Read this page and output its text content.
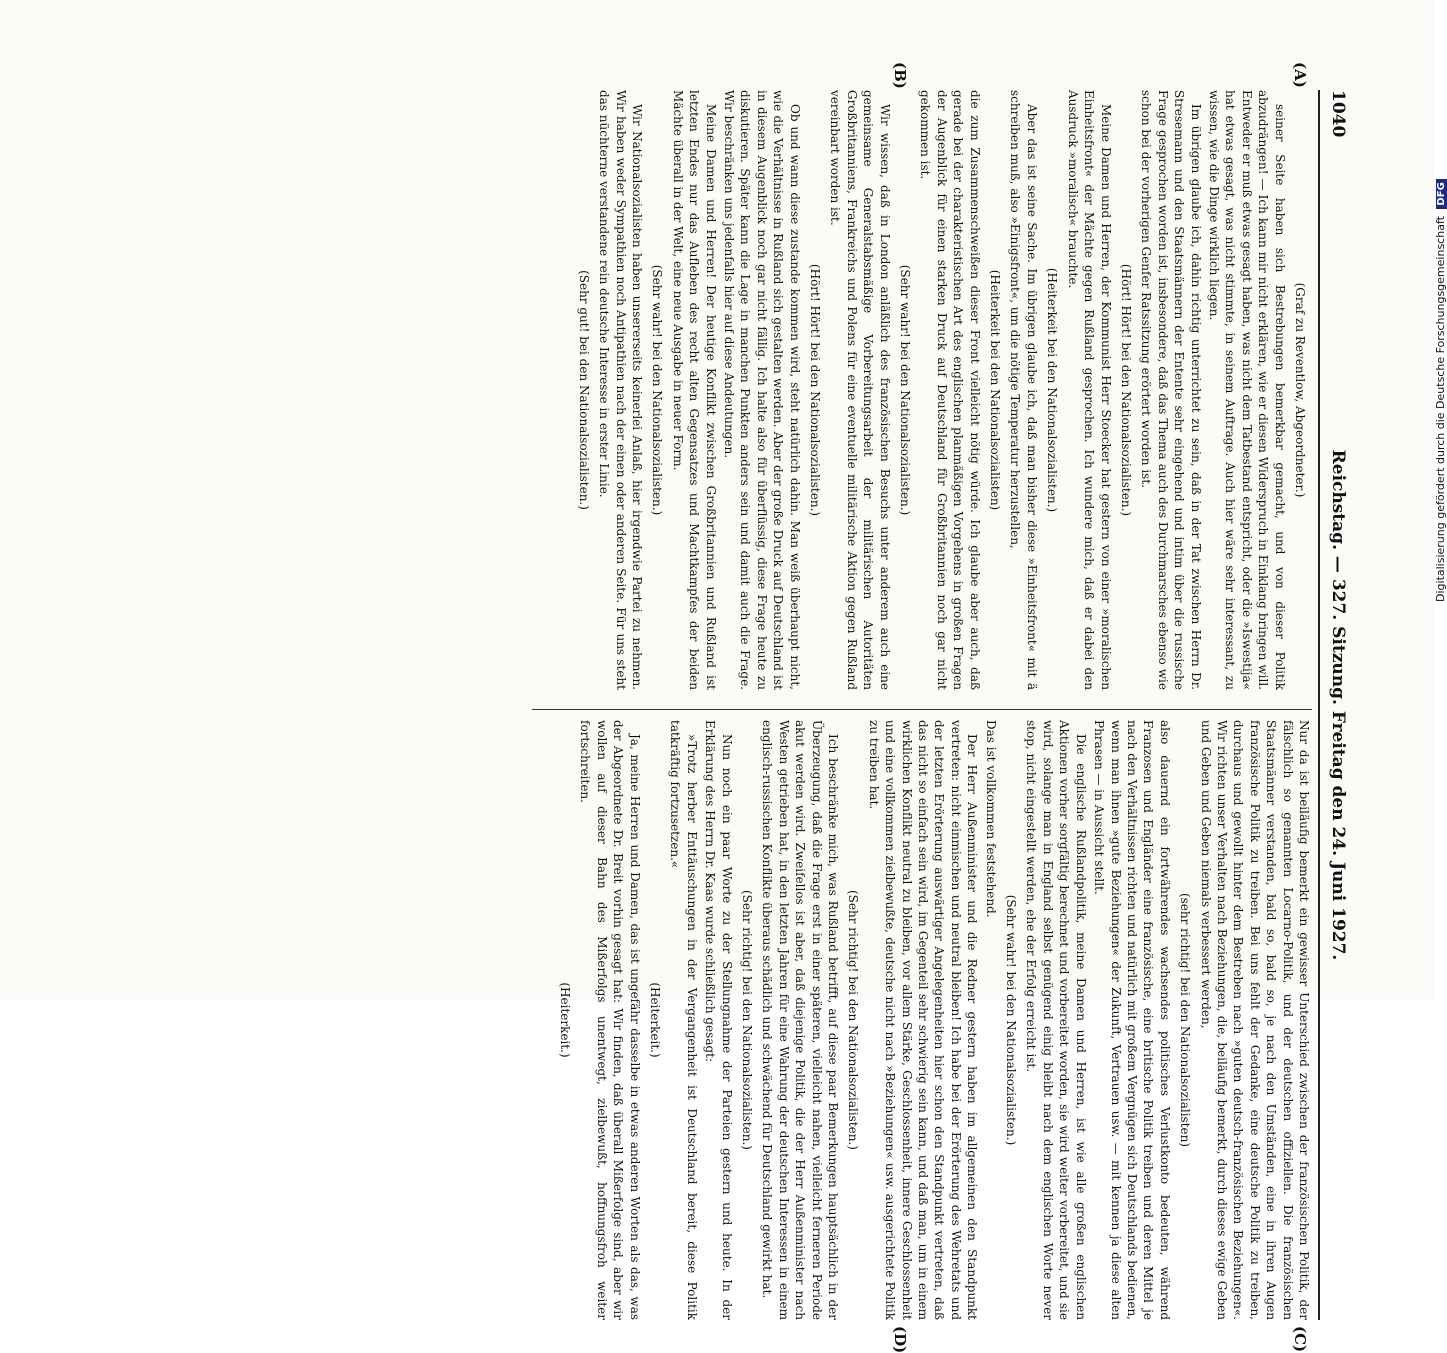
1040
Reichstag. — 327. Sitzung. Freitag den 24. Juni 1927.
(A)
(B)
(C)
(D)

(Graf zu Reventlow, Abgeordneter.)

seiner Seite haben sich Bestrebungen bemerkbar gemacht, und von dieser Politik abzudrängen! — Ich kann mir nicht erklären, wie er diesen Widerspruch in Einklang bringen will. Entweder er muß etwas gesagt haben, was nicht dem Tatbestand entspricht, oder die »Iswestija« hat etwas gesagt, was nicht stimmte, in seinem Auftrage. Auch hier wäre sehr interessant, zu wissen, wie die Dinge wirklich liegen.

Im übrigen glaube ich, dahin richtig unterrichtet zu sein, daß in der Tat zwischen Herrn Dr. Stresemann und den Staatsmännern der Entente sehr eingehend und intim über die russische Frage gesprochen worden ist, insbesondere, daß das Thema auch des Durchmarsches ebenso wie schon bei der vorherigen Genfer Ratssitzung erörtert worden ist.

(Hört! Hört! bei den Nationalsozialisten.)

Meine Damen und Herren, der Kommunist Herr Stoecker hat gestern von einer »moralischen Einheitsfront« der Mächte gegen Rußland gesprochen. Ich wundere mich, daß er dabei den Ausdruck »moralisch« brauchte.

(Heiterkeit bei den Nationalsozialisten.)

Aber das ist seine Sache. Im übrigen glaube ich, daß man bisher diese »Einheitsfront« mit ä schreiben muß, also »Einigsfront«, um die nötige Temperatur herzustellen,

(Heiterkeit bei den Nationalsozialisten)

die zum Zusammenschweißen dieser Front vielleicht nötig würde. Ich glaube aber auch, daß gerade bei der charakteristischen Art des englischen planmäßigen Vorgehens in großen Fragen der Augenblick für einen starken Druck auf Deutschland für Großbritannien noch gar nicht gekommen ist.

(Sehr wahr! bei den Nationalsozialisten.)

Wir wissen, daß in London anläßlich des französischen Besuchs unter anderem auch eine gemeinsame Generalstabsmäßige Vorbereitungsarbeit der militärischen Autoritäten Großbritanniens, Frankreichs und Polens für eine eventuelle militärische Aktion gegen Rußland vereinbart worden ist.

(Hört! Hört! bei den Nationalsozialisten.)

Ob und wann diese zustande kommen wird, steht natürlich dahin. Man weiß überhaupt nicht, wie die Verhältnisse in Rußland sich gestalten werden. Aber der große Druck auf Deutschland ist in diesem Augenblick noch gar nicht fällig. Ich halte also für überflüssig, diese Frage heute zu diskutieren. Später kann die Lage in manchen Punkten anders sein und damit auch die Frage. Wir beschränken uns jedenfalls hier auf diese Andeutungen.

Meine Damen und Herren! Der heutige Konflikt zwischen Großbritannien und Rußland ist letzten Endes nur das Aufleben des recht alten Gegensatzes und Machtkampfes der beiden Mächte überall in der Welt, eine neue Ausgabe in neuer Form.

(Sehr wahr! bei den Nationalsozialisten.)

Wir Nationalsozialisten haben unsererseits keinerlei Anlaß, hier irgendwie Partei zu nehmen. Wir haben weder Sympathien noch Antipathien nach der einen oder anderen Seite. Für uns steht das nüchterne verstandene rein deutsche Interesse in erster Linie.

(Sehr gut! bei den Nationalsozialisten.)

Nur da ist beiläufig bemerkt ein gewisser Unterschied zwischen der französischen Politik, der fälschlich so genannten Locarno-Politik, und der deutschen offiziellen. Die französischen Staatsmänner verstanden, bald so, bald so, je nach den Umständen, eine in ihren Augen französische Politik zu treiben. Bei uns fehlt der Gedanke, eine deutsche Politik zu treiben, durchaus und gewollt hinter dem Bestreben nach »guten deutsch-französischen Beziehungen«. Wir richten unser Verhalten nach Beziehungen, die, beiläufig bemerkt, durch dieses ewige Geben und Geben und Geben niemals verbessert werden,

(sehr richtig! bei den Nationalsozialisten)

also dauernd ein fortwährendes wachsendes politisches Verlustkonto bedeuten, während Franzosen und Engländer eine französische, eine britische Politik treiben und deren Mittel je nach den Verhältnissen richten und natürlich mit großem Vergnügen sich Deutschlands bedienen, wenn man ihnen »gute Beziehungen« der Zukunft, Vertrauen usw. — mit kennen ja diese alten Phrasen — in Aussicht stellt.

Die englische Rußlandpolitik, meine Damen und Herren, ist wie alle großen englischen Aktionen vorher sorgfältig berechnet und vorbereitet worden, sie wird weiter vorbereitet, und sie wird, solange man in England selbst genügend einig bleibt nach dem englischen Worte never stop, nicht eingestellt werden, ehe der Erfolg erreicht ist.

(Sehr wahr! bei den Nationalsozialisten.)

Das ist vollkommen feststehend.

Der Herr Außenminister und die Redner gestern haben im allgemeinen den Standpunkt vertreten: nicht einmischen und neutral bleiben! Ich habe bei der Erörterung des Wehretats und der letzten Erörterung auswärtiger Angelegenheiten hier schon den Standpunkt vertreten, daß das nicht so einfach sein wird, im Gegenteil sehr schwierig sein kann, und daß man, um in einem wirklichen Konflikt neutral zu bleiben, vor allem Stärke, Geschlossenheit, innere Geschlossenheit und eine vollkommen zielbewußte, deutsche nicht nach »Beziehungen« usw. ausgerichtete Politik zu treiben hat.

(Sehr richtig! bei den Nationalsozialisten.)

Ich beschränke mich, was Rußland betrifft, auf diese paar Bemerkungen hauptsächlich in der Überzeugung, daß die Frage erst in einer späteren, vielleicht nahen, vielleicht ferneren Periode akut werden wird. Zweifellos ist aber, daß diejenige Politik, die der Herr Außenminister nach Westen getrieben hat, in den letzten Jahren für eine Wahrung der deutschen Interessen in einem englisch-russischen Konflikte überaus schädlich und schwächend für Deutschland gewirkt hat.

(Sehr richtig! bei den Nationalsozialisten.)

Nun noch ein paar Worte zu der Stellungnahme der Parteien gestern und heute. In der Erklärung des Herrn Dr. Kaas wurde schließlich gesagt:

»Trotz herber Enttäuschungen in der Vergangenheit ist Deutschland bereit, diese Politik tatkräftig fortzusetzen.«

(Heiterkeit.)

Ja, meine Herren und Damen, das ist ungefähr dasselbe in etwas anderen Worten als das, was der Abgeordnete Dr. Breit vorhin gesagt hat: Wir finden, daß überall Mißerfolge sind, aber wir wollen auf dieser Bahn des Mißerfolgs unentwegt, zielbewußt, hoffnungsfroh weiter fortschreiten.

(Heiterkeit.)

Digitalisierung gefördert durch die Deutsche Forschungsgemeinschaft DFG
